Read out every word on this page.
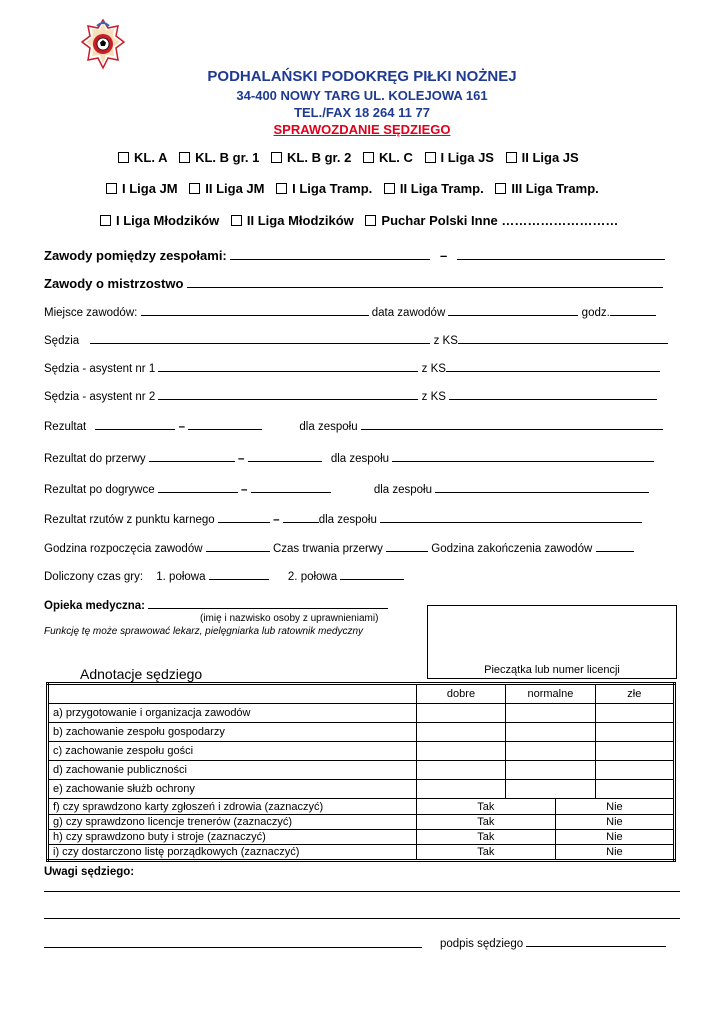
PODHALAŃSKI PODOKRĘG PIŁKI NOŻNEJ
34-400 NOWY TARG UL. KOLEJOWA 161
TEL./FAX 18 264 11 77
SPRAWOZDANIE SĘDZIEGO
KL. A KL. B gr. 1 KL. B gr. 2 KL. C I Liga JS II Liga JS
I Liga JM II Liga JM I Liga Tramp. II Liga Tramp. III Liga Tramp.
I Liga Młodzików II Liga Młodzików Puchar Polski Inne ………………………
Zawody pomiędzy zespołami:	–
Zawody o mistrzostwo
Miejsce zawodów:	data zawodów	godz.
Sędzia	z KS
Sędzia - asystent nr 1	z KS
Sędzia - asystent nr 2	z KS
Rezultat	–	dla zespołu
Rezultat do przerwy	–	dla zespołu
Rezultat po dogrywce	–	dla zespołu
Rezultat rzutów z punktu karnego	–	dla zespołu
Godzina rozpoczęcia zawodów	Czas trwania przerwy	Godzina zakończenia zawodów
Doliczony czas gry: 1. połowa	2. połowa
Opieka medyczna:
(imię i nazwisko osoby z uprawnieniami)
Funkcję tę może sprawować lekarz, pielęgniarka lub ratownik medyczny
Pieczątka lub numer licencji
Adnotacje sędziego
	dobre	normalne		złe
a) przygotowanie i organizacja zawodów				
b) zachowanie zespołu gospodarzy				
c) zachowanie zespołu gości				
d) zachowanie publiczności				
e) zachowanie służb ochrony				
f) czy sprawdzono karty zgłoszeń i zdrowia (zaznaczyć)	Tak		Nie	
g) czy sprawdzono licencje trenerów (zaznaczyć)	Tak		Nie	
h) czy sprawdzono buty i stroje (zaznaczyć)	Tak		Nie	
i) czy dostarczono listę porządkowych (zaznaczyć)	Tak		Nie	
Uwagi sędziego:
podpis sędziego
